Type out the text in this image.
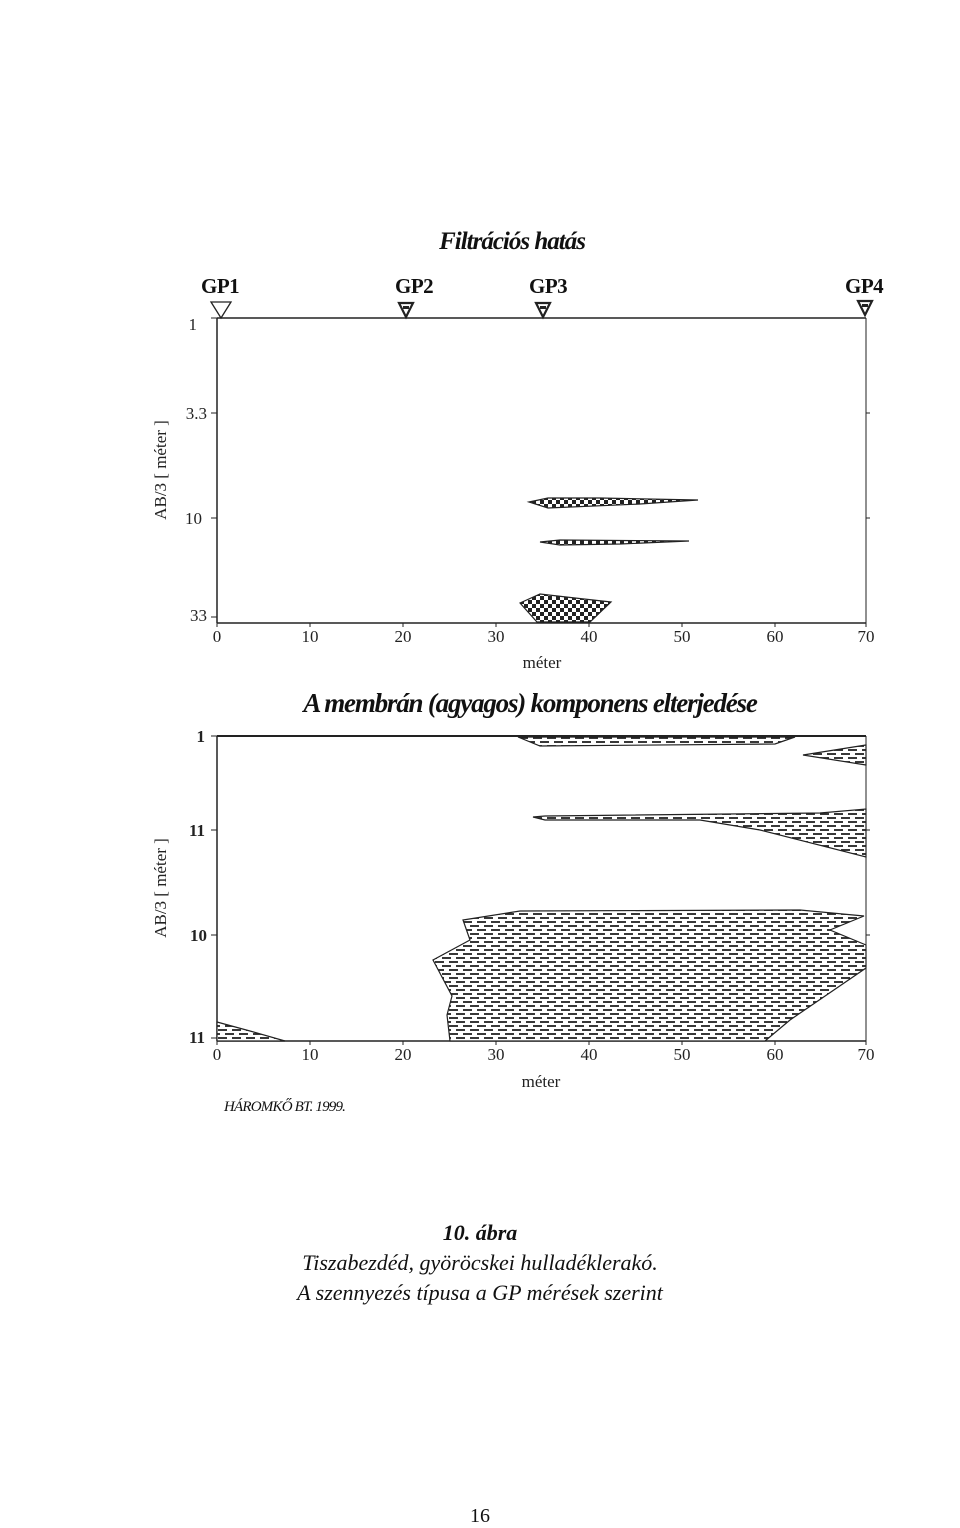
Filtrációs hatás
GP1	GP2	GP3	GP4
A membrán (agyagos) komponens elterjedése
1
3.3
10
33
0	10	20	30	40	50	60	70
méter
AB/3 [ méter ]
1
11
10
11
0	10	20	30	40	50	60	70
méter
AB/3 [ méter ]
HÁROMKŐ BT. 1999.
10. ábra
Tiszabezdéd, györöcskei hulladéklerakó.
A szennyezés típusa a GP mérések szerint
16
